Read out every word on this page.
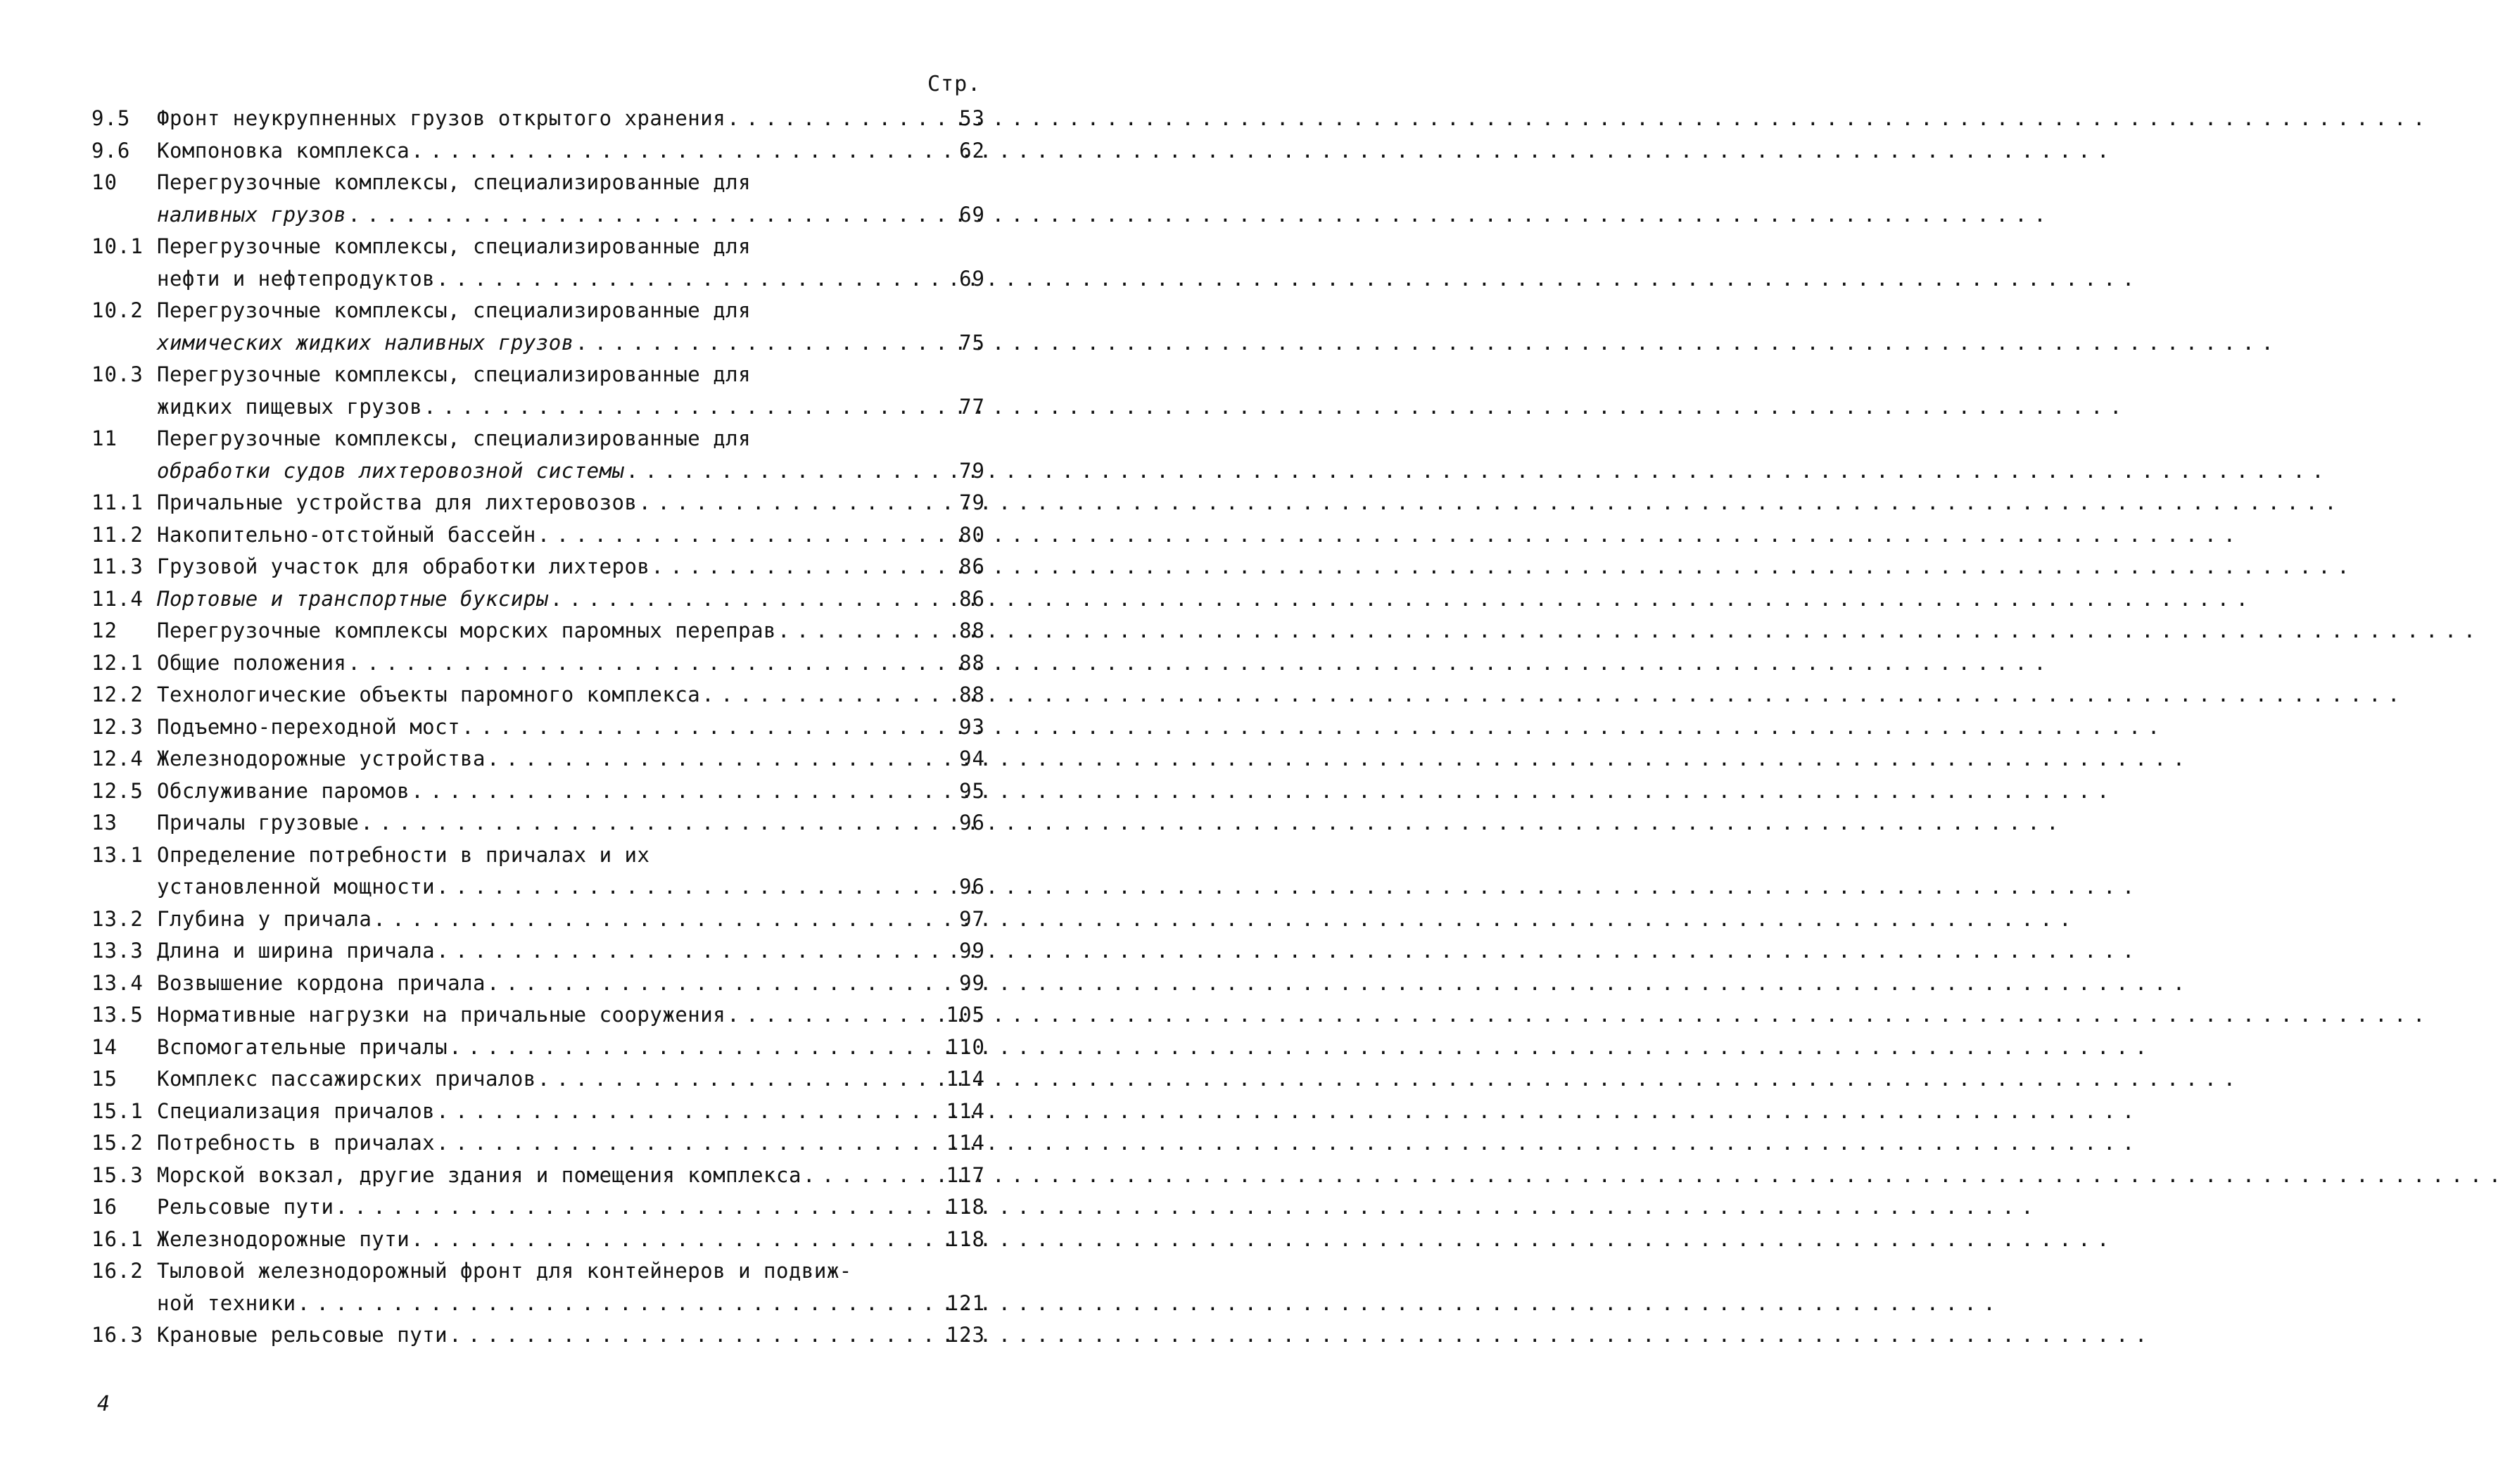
Стр.
9.5	Фронт неукрупненных грузов открытого хранения . . .	53
9.6	Компоновка комплекса . . .	62
10	Перегрузочные комплексы, специализированные для
наливных грузов . . .	69
10.1 Перегрузочные комплексы, специализированные для
нефти и нефтепродуктов . . .	69
10.2 Перегрузочные комплексы, специализированные для
химических жидких наливных грузов . . .	75
10.3 Перегрузочные комплексы, специализированные для
жидких пищевых грузов . . .	77
11	Перегрузочные комплексы, специализированные для
обработки судов лихтеровозной системы . . .	79
11.1 Причальные устройства для лихтеровозов . . .	79
11.2 Накопительно-отстойный бассейн . . .	80
11.3 Грузовой участок для обработки лихтеров . . .	86
11.4 Портовые и транспортные буксиры . . .	86
12	Перегрузочные комплексы морских паромных переправ . . .	88
12.1 Общие положения . . .	88
12.2 Технологические объекты паромного комплекса . . .	88
12.3 Подъемно-переходной мост . . .	93
12.4 Железнодорожные устройства . . .	94
12.5 Обслуживание паромов . . .	95
13	Причалы грузовые . . .	96
13.1 Определение потребности в причалах и их
установленной мощности . . .	96
13.2 Глубина у причала . . .	97
13.3 Длина и ширина причала . . .	99
13.4 Возвышение кордона причала . . .	99
13.5 Нормативные нагрузки на причальные сооружения . . .	105
14	Вспомогательные причалы . . .	110
15	Комплекс пассажирских причалов . . .	114
15.1 Специализация причалов . . .	114
15.2 Потребность в причалах . . .	114
15.3 Морской вокзал, другие здания и помещения комплекса . . .	117
16	Рельсовые пути . . .	118
16.1 Железнодорожные пути . . .	118
16.2 Тыловой железнодорожный фронт для контейнеров и подвиж-
ной техники . . .	121
16.3 Крановые рельсовые пути . . .	123
4
